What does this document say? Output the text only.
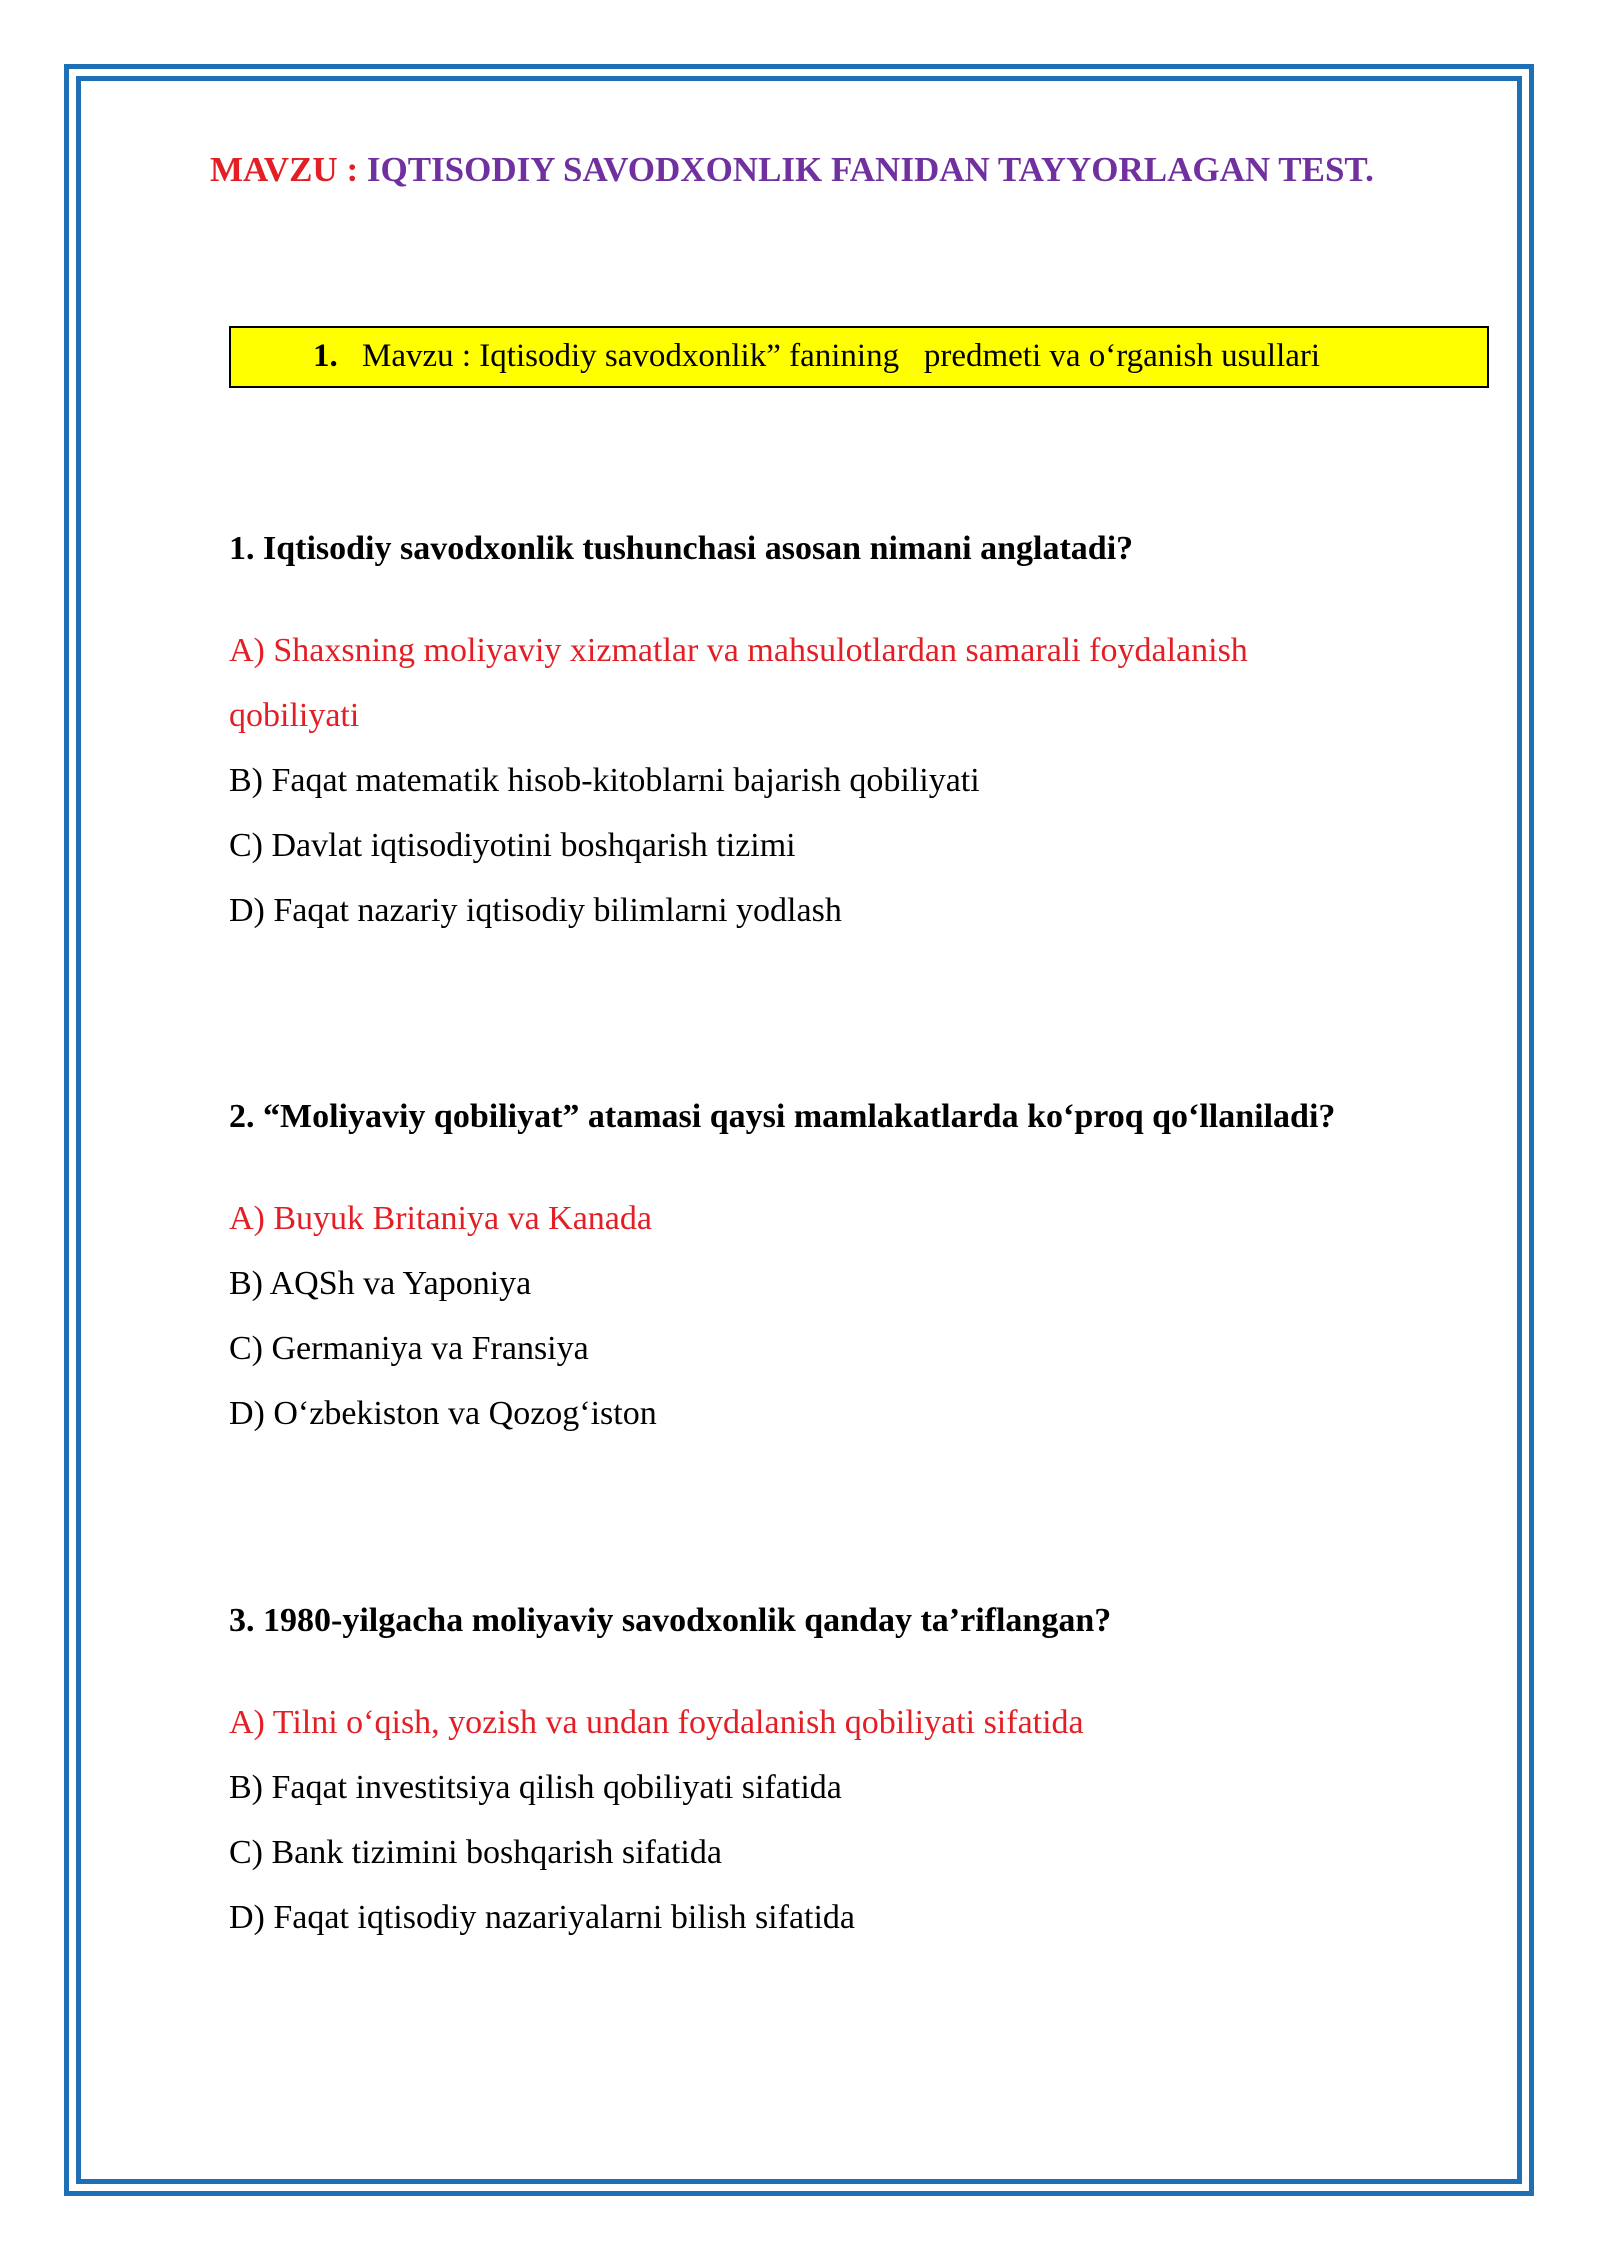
MAVZU : IQTISODIY SAVODXONLIK FANIDAN TAYYORLAGAN TEST.
1. Mavzu : Iqtisodiy savodxonlik” fanining   predmeti va o‘rganish usullari
1. Iqtisodiy savodxonlik tushunchasi asosan nimani anglatadi?
A) Shaxsning moliyaviy xizmatlar va mahsulotlardan samarali foydalanish
qobiliyati
B) Faqat matematik hisob-kitoblarni bajarish qobiliyati
C) Davlat iqtisodiyotini boshqarish tizimi
D) Faqat nazariy iqtisodiy bilimlarni yodlash
2. “Moliyaviy qobiliyat” atamasi qaysi mamlakatlarda ko‘proq qo‘llaniladi?
A) Buyuk Britaniya va Kanada
B) AQSh va Yaponiya
C) Germaniya va Fransiya
D) O‘zbekiston va Qozog‘iston
3. 1980-yilgacha moliyaviy savodxonlik qanday ta’riflangan?
A) Tilni o‘qish, yozish va undan foydalanish qobiliyati sifatida
B) Faqat investitsiya qilish qobiliyati sifatida
C) Bank tizimini boshqarish sifatida
D) Faqat iqtisodiy nazariyalarni bilish sifatida
